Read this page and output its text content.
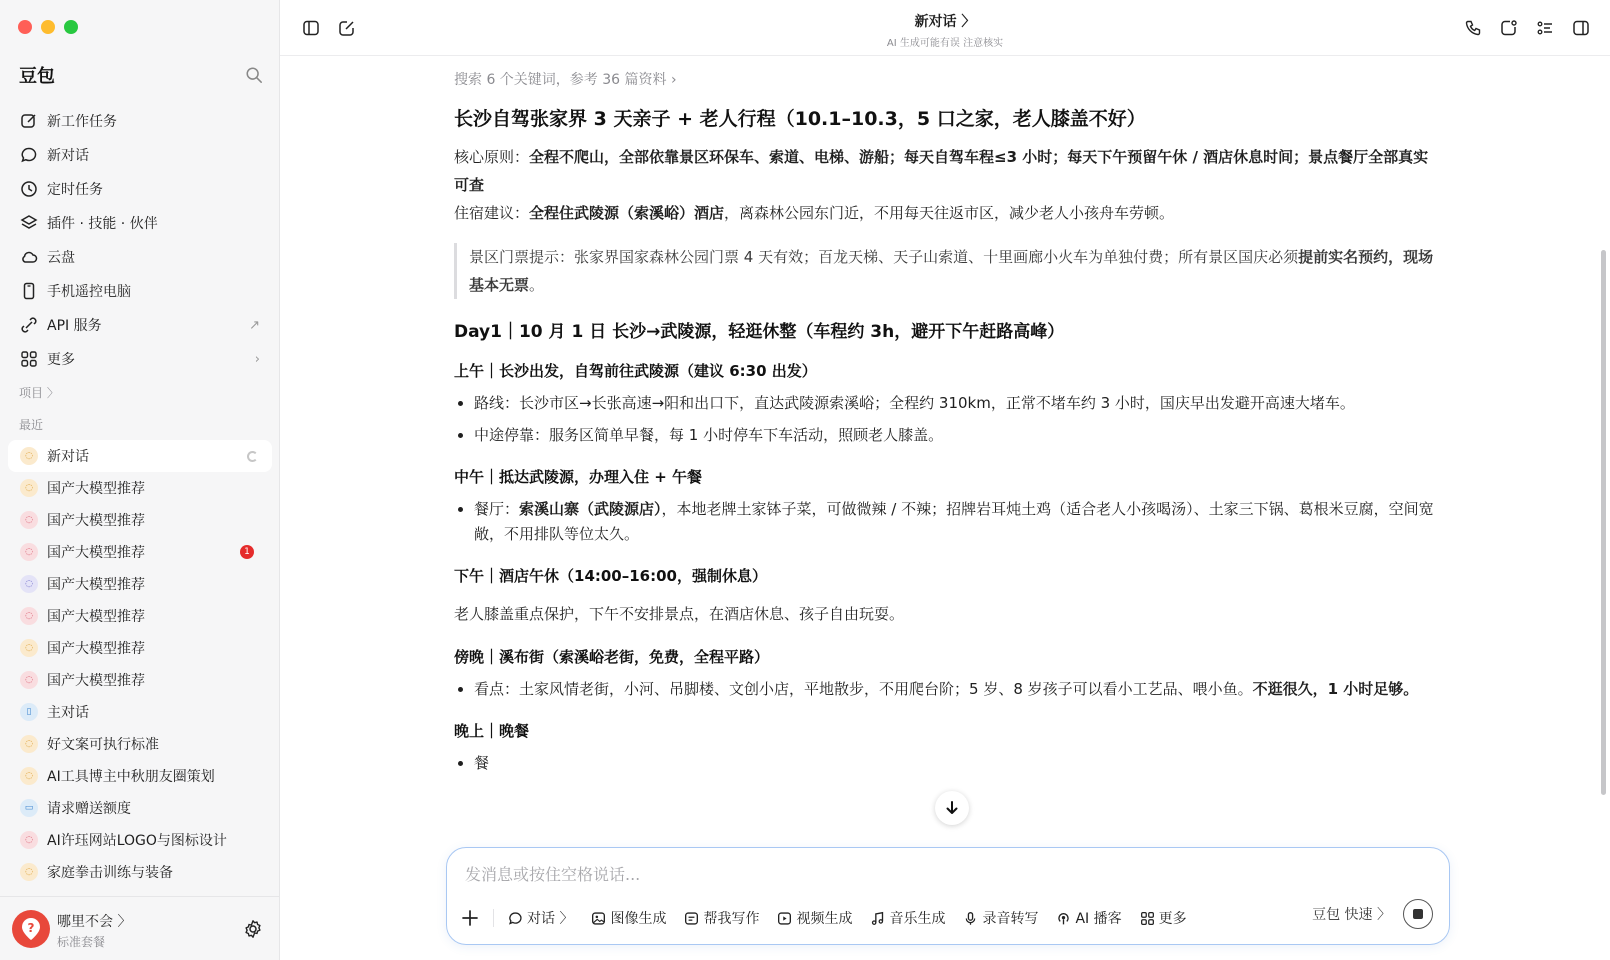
豆包
新工作任务
新对话
定时任务
插件 · 技能 · 伙伴
云盘
手机遥控电脑
API 服务	↗
更多	›
项目 〉
最近
◌	新对话
◌	国产大模型推荐
◌	国产大模型推荐
◌	国产大模型推荐	1
◌	国产大模型推荐
◌	国产大模型推荐
◌	国产大模型推荐
◌	国产大模型推荐
▯	主对话
◌	好文案可执行标准
◌	AI工具博主中秋朋友圈策划
▭ 请求赠送额度
◌	AI许珏网站LOGO与图标设计
◌	家庭拳击训练与装备
? 哪里不会 〉
标准套餐
新对话 〉
AI 生成可能有误 注意核实
搜索 6 个关键词，参考 36 篇资料 ›
长沙自驾张家界 3 天亲子 + 老人行程（10.1–10.3，5 口之家，老人膝盖不好）
核心原则：全程不爬山，全部依靠景区环保车、索道、电梯、游船；每天自驾车程≤3 小时；每天下午预留午休 / 酒店休息时间；景点餐厅全部真实可查
住宿建议：全程住武陵源（索溪峪）酒店，离森林公园东门近，不用每天往返市区，减少老人小孩舟车劳顿。
景区门票提示：张家界国家森林公园门票 4 天有效；百龙天梯、天子山索道、十里画廊小火车为单独付费；所有景区国庆必须提前实名预约，现场基本无票。
Day1｜10 月 1 日 长沙→武陵源，轻逛休整（车程约 3h，避开下午赶路高峰）
上午｜长沙出发，自驾前往武陵源（建议 6:30 出发）
• 路线：长沙市区→长张高速→阳和出口下，直达武陵源索溪峪；全程约 310km，正常不堵车约 3 小时，国庆早出发避开高速大堵车。
• 中途停靠：服务区简单早餐，每 1 小时停车下车活动，照顾老人膝盖。
中午｜抵达武陵源，办理入住 + 午餐
• 餐厅：索溪山寨（武陵源店），本地老牌土家钵子菜，可做微辣 / 不辣；招牌岩耳炖土鸡（适合老人小孩喝汤）、土家三下锅、葛根米豆腐，空间宽敞，不用排队等位太久。
下午｜酒店午休（14:00–16:00，强制休息）
老人膝盖重点保护，下午不安排景点，在酒店休息、孩子自由玩耍。
傍晚｜溪布街（索溪峪老街，免费，全程平路）
• 看点：土家风情老街，小河、吊脚楼、文创小店，平地散步，不用爬台阶；5 岁、8 岁孩子可以看小工艺品、喂小鱼。不逛很久，1 小时足够。
晚上｜晚餐
• 餐
发消息或按住空格说话...
对话 〉	图像生成	帮我写作	视频生成	音乐生成	录音转写	AI 播客	更多	豆包 快速 〉
